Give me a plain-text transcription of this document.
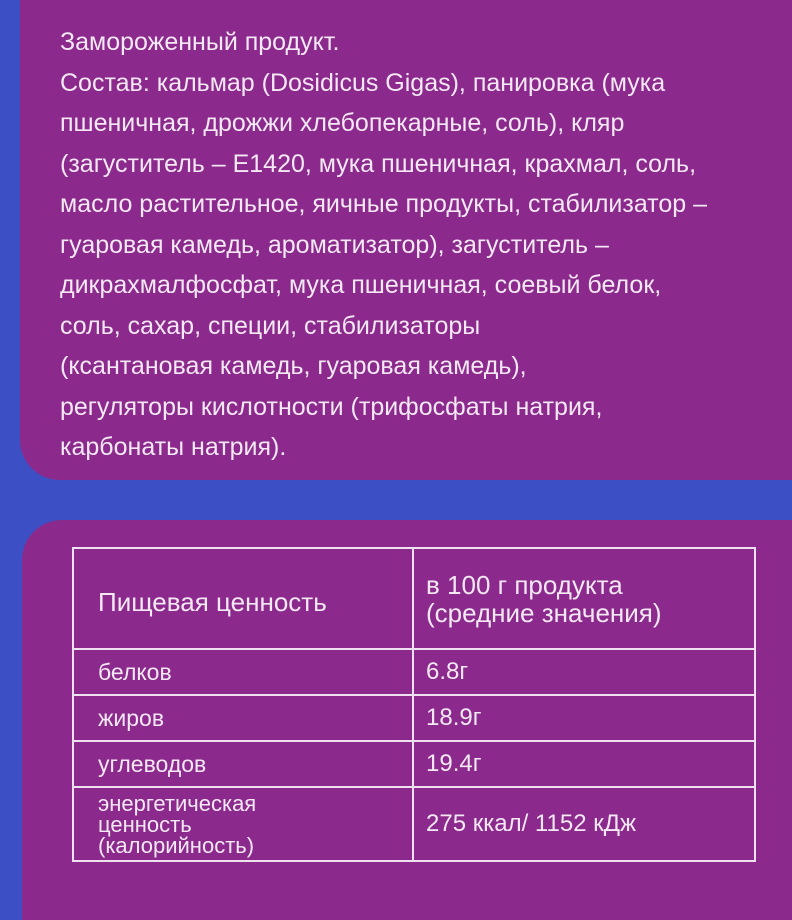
Замороженный продукт.

Состав: кальмар (Dosidicus Gigas), панировка (мука

пшеничная, дрожжи хлебопекарные, соль), кляр

(загуститель – Е1420, мука пшеничная, крахмал, соль,

масло растительное, яичные продукты, стабилизатор –

гуаровая камедь, ароматизатор), загуститель –

дикрахмалфосфат, мука пшеничная, соевый белок,

соль, сахар, специи, стабилизаторы

(ксантановая камедь, гуаровая камедь),

регуляторы кислотности (трифосфаты натрия,

карбонаты натрия).

Пищевая ценность	в 100 г продукта
(средние значения)

белков	6.8г
жиров	18.9г
углеводов	19.4г

энергетическая
ценность
(калорийность)	275 ккал/ 1152 кДж
